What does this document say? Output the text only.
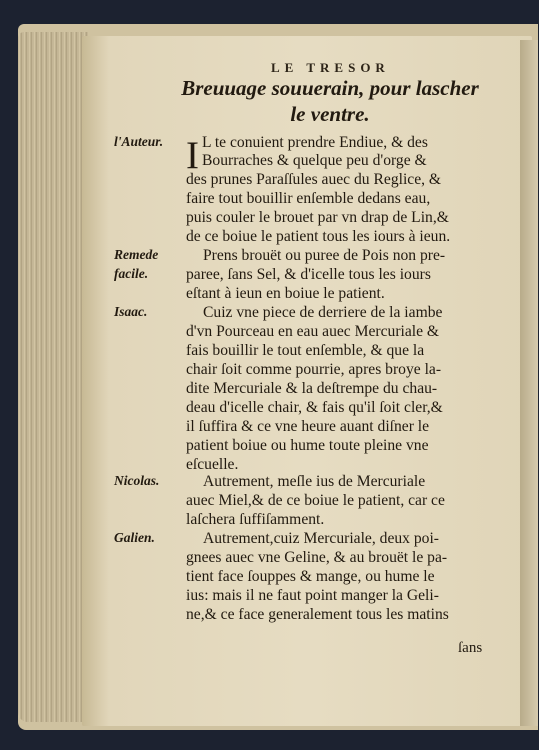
LE TRESOR
Breuuage souuerain, pour lascher
le ventre.
l'Auteur.
Remede
facile.
Isaac.
Nicolas.
Galien.
I L te conuient prendre Endiue, & des
Bourraches & quelque peu d'orge &
des prunes Paraſſules auec du Reglice, &
faire tout bouillir enſemble dedans eau,
puis couler le brouet par vn drap de Lin,&
de ce boiue le patient tous les iours à ieun.
Prens brouët ou puree de Pois non pre-
paree, ſans Sel, & d'icelle tous les iours
eſtant à ieun en boiue le patient.
Cuiz vne piece de derriere de la iambe
d'vn Pourceau en eau auec Mercuriale &
fais bouillir le tout enſemble, & que la
chair ſoit comme pourrie, apres broye la-
dite Mercuriale & la deſtrempe du chau-
deau d'icelle chair, & fais qu'il ſoit cler,&
il ſuffira & ce vne heure auant diſner le
patient boiue ou hume toute pleine vne
eſcuelle.
Autrement, meſle ius de Mercuriale
auec Miel,& de ce boiue le patient, car ce
laſchera ſuffiſamment.
Autrement,cuiz Mercuriale, deux poi-
gnees auec vne Geline, & au brouët le pa-
tient face ſouppes & mange, ou hume le
ius: mais il ne faut point manger la Geli-
ne,& ce face generalement tous les matins
ſans
